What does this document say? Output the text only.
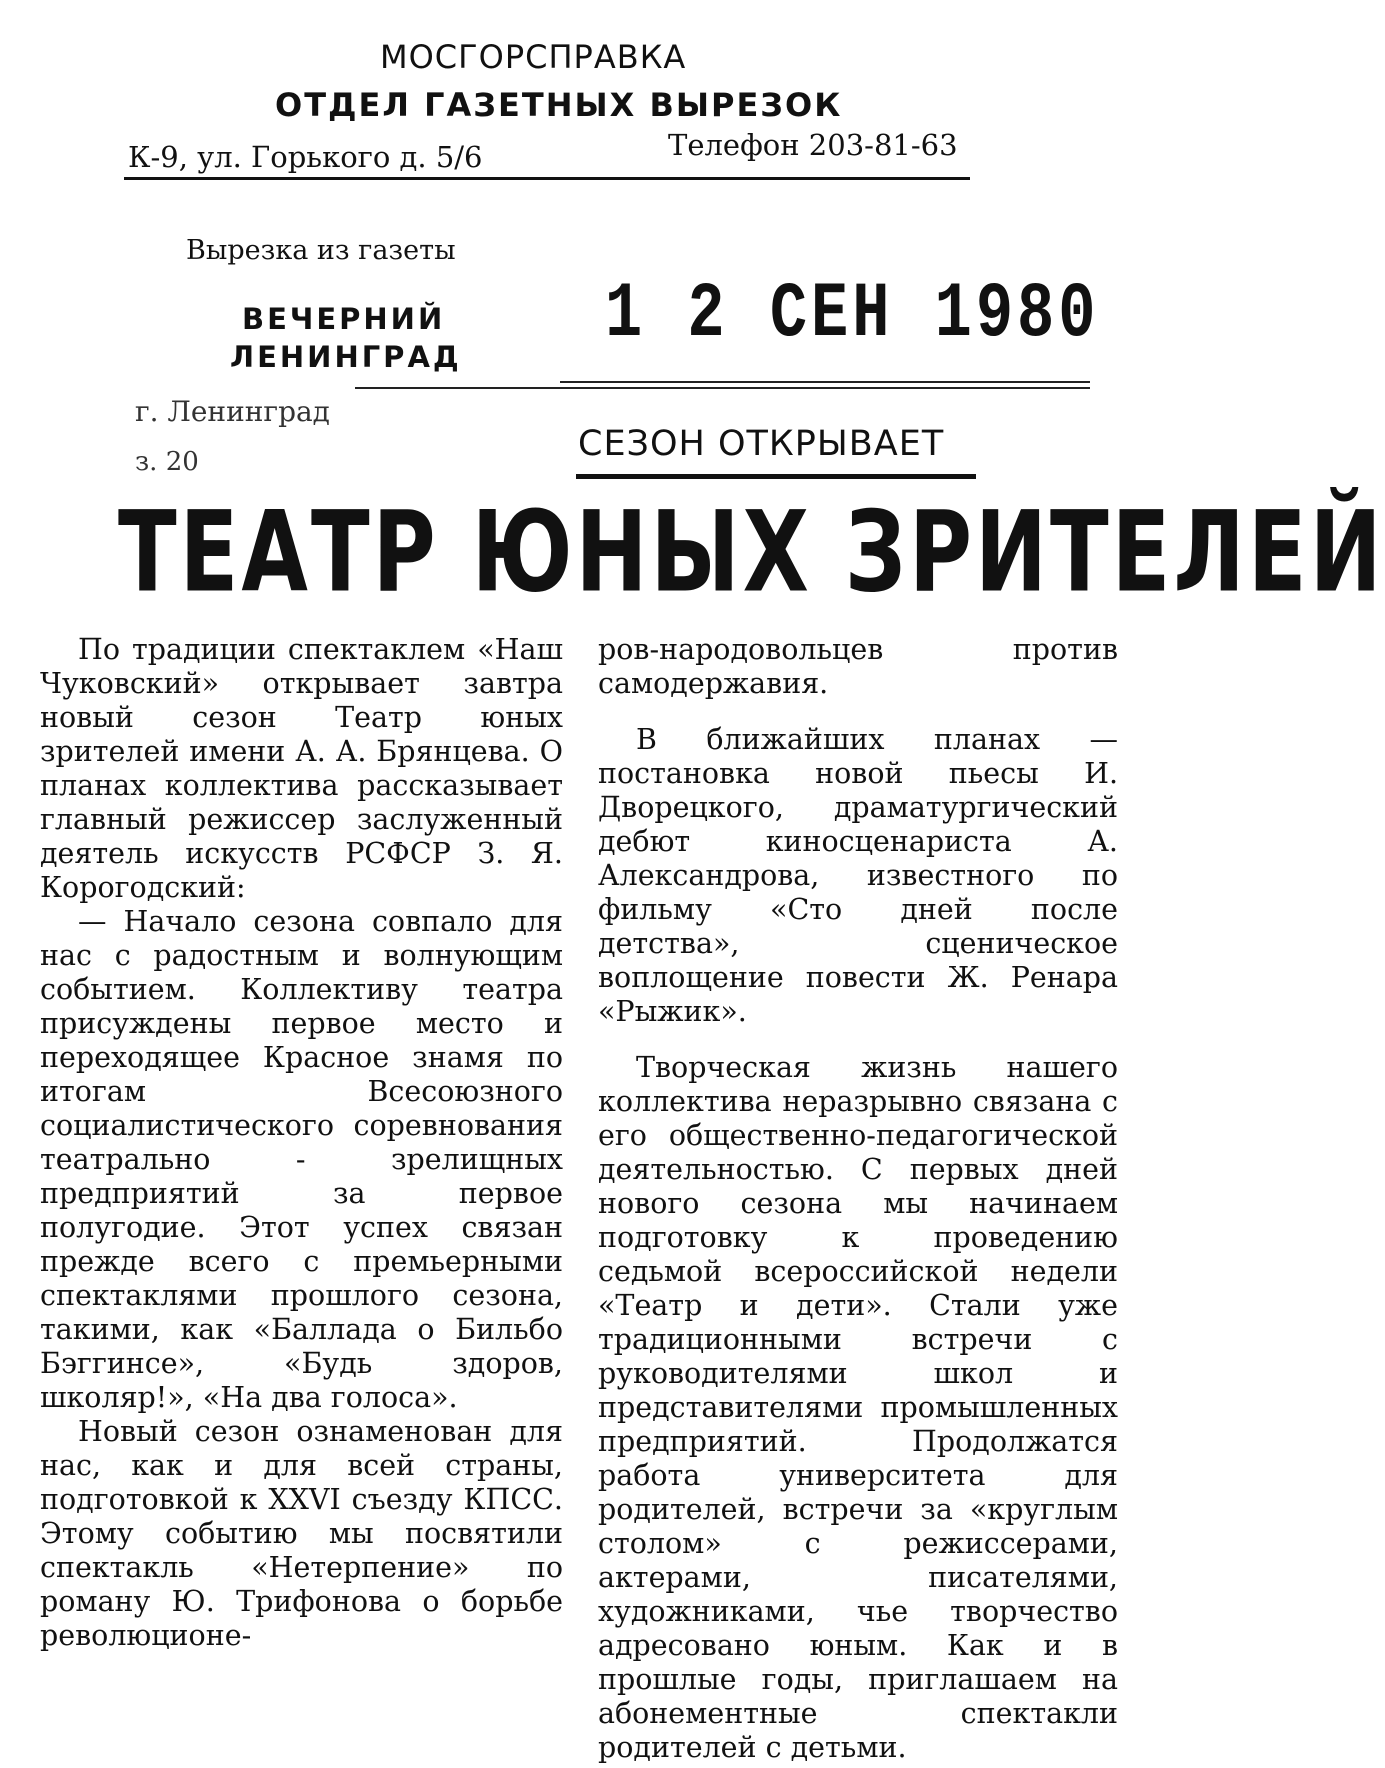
МОСГОРСПРАВКА
ОТДЕЛ ГАЗЕТНЫХ ВЫРЕЗОК
К-9, ул. Горького д. 5/6	Телефон 203-81-63
Вырезка из газеты
ВЕЧЕРНИЙ
ЛЕНИНГРАД 1 2 СЕН 1980
г. Ленинград
з. 20	СЕЗОН ОТКРЫВАЕТ
ТЕАТР ЮНЫХ ЗРИТЕЛЕЙ

По традиции спектаклем «Наш Чуковский» открывает завтра новый сезон Театр юных зрителей имени А. А. Брянцева. О планах коллектива рассказывает главный режиссер заслуженный деятель искусств РСФСР З. Я. Корогодский:

— Начало сезона совпало для нас с радостным и волнующим событием. Коллективу театра присуждены первое место и переходящее Красное знамя по итогам Всесоюзного социалистического соревнования театрально - зрелищных предприятий за первое полугодие. Этот успех связан прежде всего с премьерными спектаклями прошлого сезона, такими, как «Баллада о Бильбо Бэггинсе», «Будь здоров, школяр!», «На два голоса».

Новый сезон ознаменован для нас, как и для всей страны, подготовкой к XXVI съезду КПСС. Этому событию мы посвятили спектакль «Нетерпение» по роману Ю. Трифонова о борьбе революционе-

ров-народовольцев против самодержавия.

В ближайших планах — постановка новой пьесы И. Дворецкого, драматургический дебют киносценариста А. Александрова, известного по фильму «Сто дней после детства», сценическое воплощение повести Ж. Ренара «Рыжик».

Творческая жизнь нашего коллектива неразрывно связана с его общественно-педагогической деятельностью. С первых дней нового сезона мы начинаем подготовку к проведению седьмой всероссийской недели «Театр и дети». Стали уже традиционными встречи с руководителями школ и представителями промышленных предприятий. Продолжатся работа университета для родителей, встречи за «круглым столом» с режиссерами, актерами, писателями, художниками, чье творчество адресовано юным. Как и в прошлые годы, приглашаем на абонементные спектакли родителей с детьми.
